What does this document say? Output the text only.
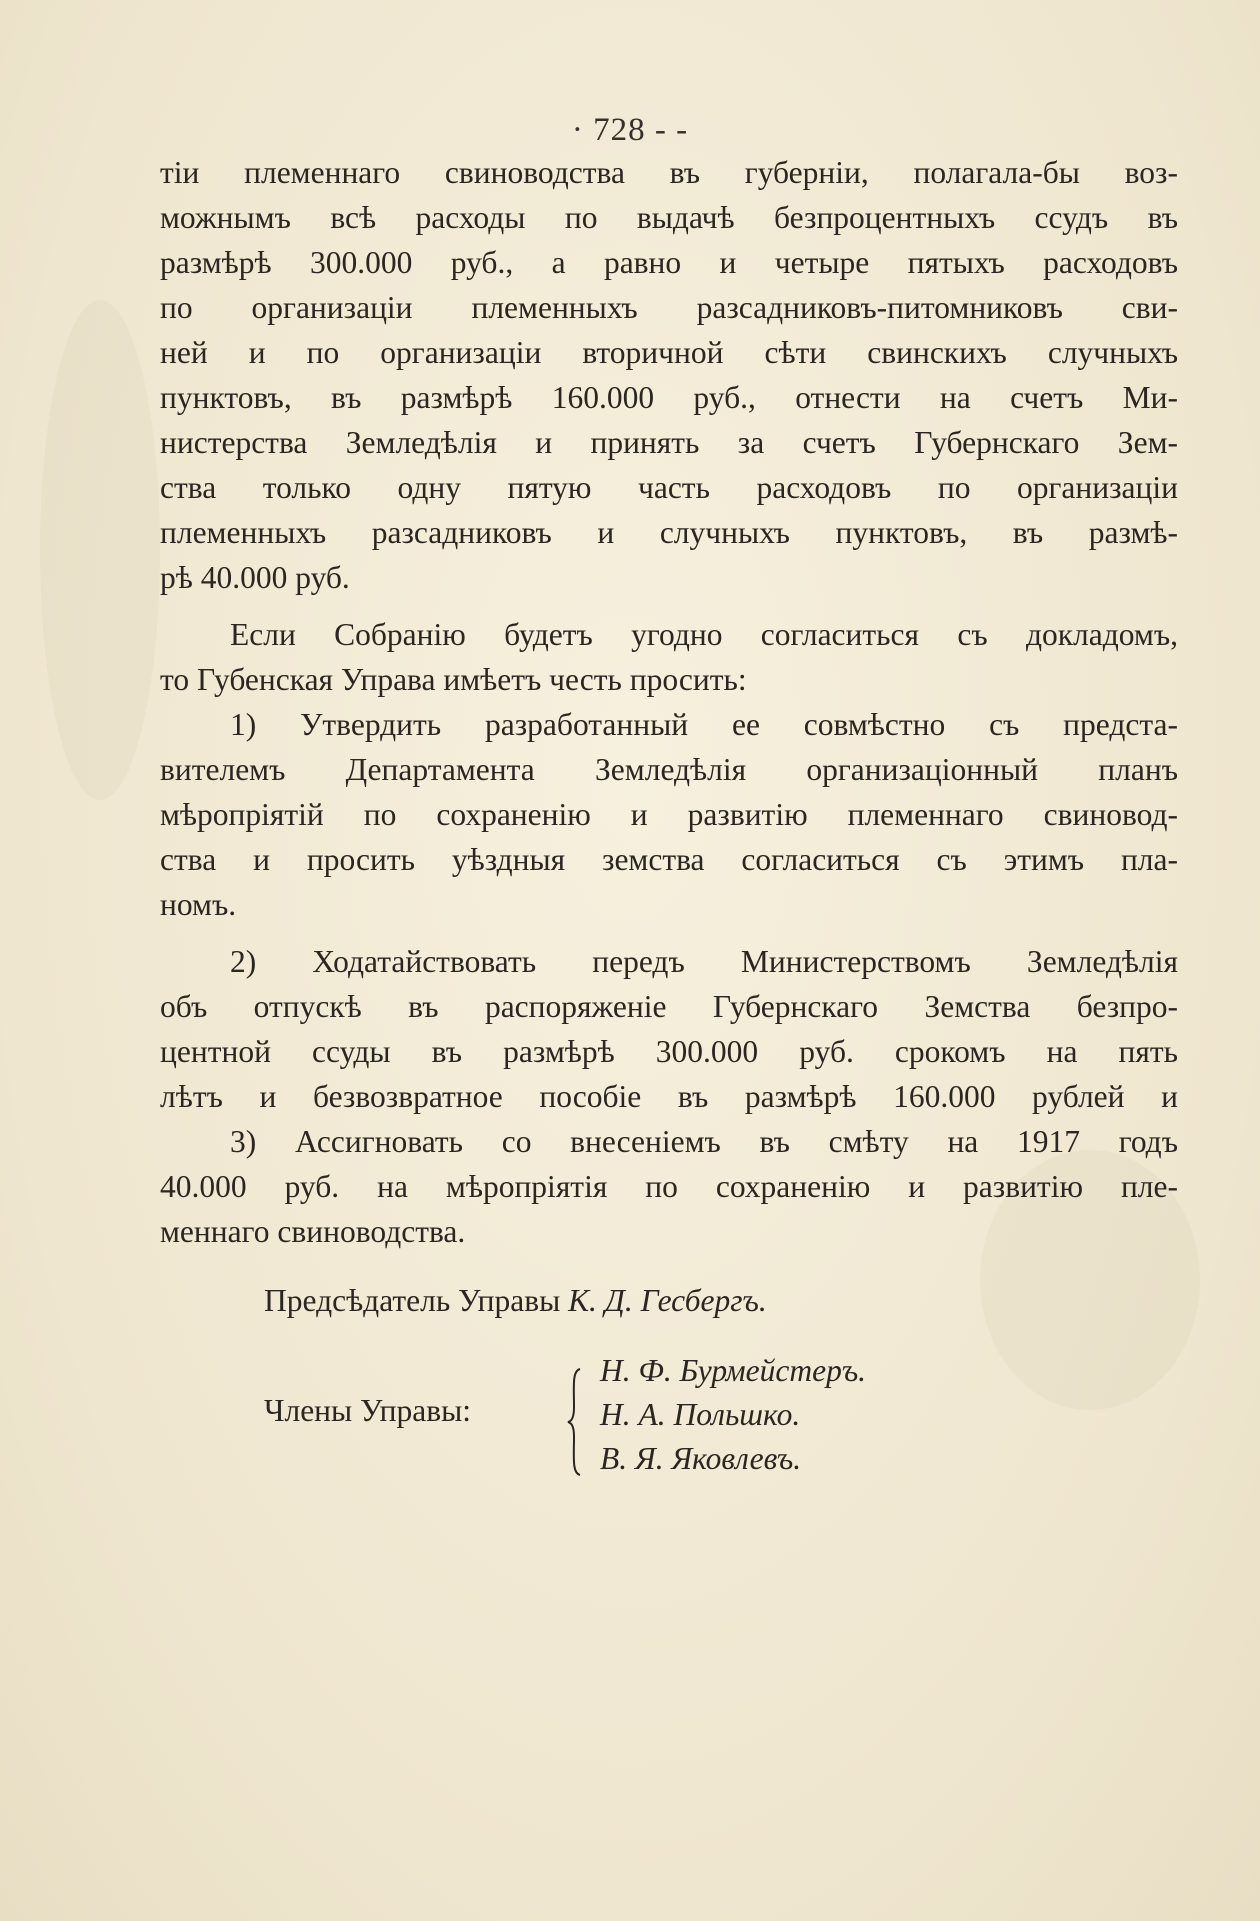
· 728 - -
тіи племеннаго свиноводства въ губерніи, полагала-бы воз-
можнымъ всѣ расходы по выдачѣ безпроцентныхъ ссудъ въ
размѣрѣ 300.000 руб., а равно и четыре пятыхъ расходовъ
по организаціи племенныхъ разсадниковъ-питомниковъ сви-
ней и по организаціи вторичной сѣти свинскихъ случныхъ
пунктовъ, въ размѣрѣ 160.000 руб., отнести на счетъ Ми-
нистерства Земледѣлія и принять за счетъ Губернскаго Зем-
ства только одну пятую часть расходовъ по организаціи
племенныхъ разсадниковъ и случныхъ пунктовъ, въ размѣ-
рѣ 40.000 руб.
Если Собранію будетъ угодно согласиться съ докладомъ,
то Губенская Управа имѣетъ честь просить:
1) Утвердить разработанный ее совмѣстно съ предста-
вителемъ Департамента Земледѣлія организаціонный планъ
мѣропріятій по сохраненію и развитію племеннаго свиновод-
ства и просить уѣздныя земства согласиться съ этимъ пла-
номъ.
2) Ходатайствовать передъ Министерствомъ Земледѣлія
объ отпускѣ въ распоряженіе Губернскаго Земства безпро-
центной ссуды въ размѣрѣ 300.000 руб. срокомъ на пять
лѣтъ и безвозвратное пособіе въ размѣрѣ 160.000 рублей и
3) Ассигновать со внесеніемъ въ смѣту на 1917 годъ
40.000 руб. на мѣропріятія по сохраненію и развитію пле-
меннаго свиноводства.
Предсѣдатель Управы К. Д. Гесбергъ.
Члены Управы:
Н. Ф. Бурмейстеръ.
Н. А. Польшко.
В. Я. Яковлевъ.
